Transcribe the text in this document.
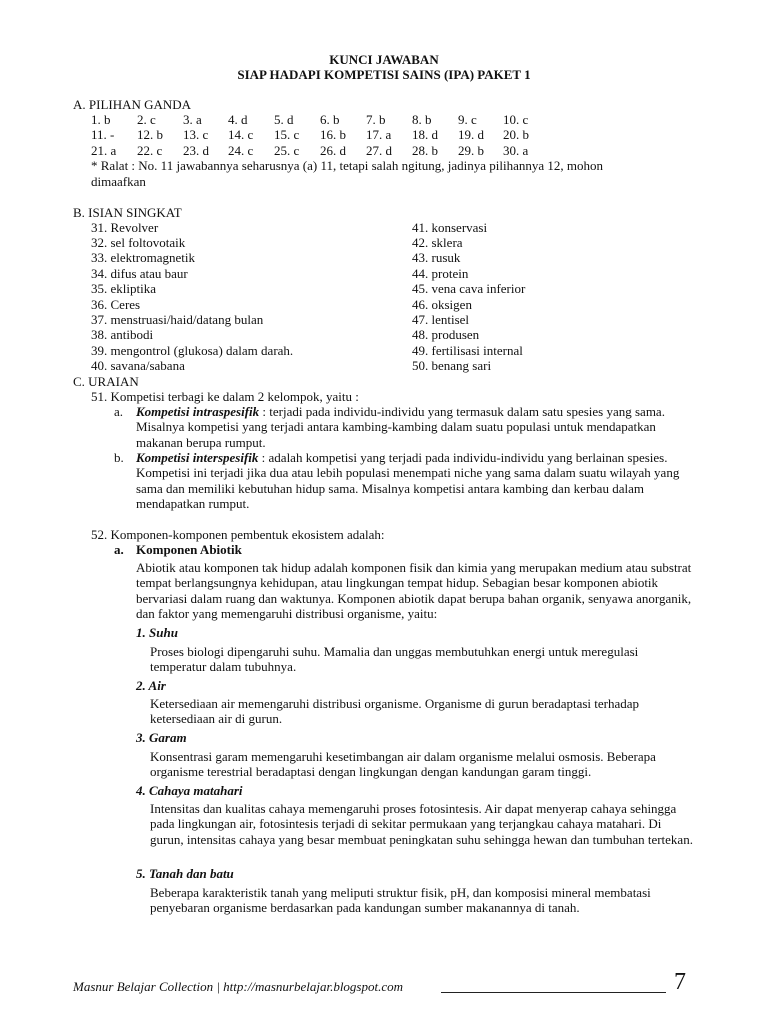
KUNCI JAWABAN
SIAP HADAPI KOMPETISI SAINS (IPA) PAKET 1
A. PILIHAN GANDA
1. b 2. c 3. a 4. d 5. d 6. b 7. b 8. b 9. c 10. c
11. - 12. b 13. c 14. c 15. c 16. b 17. a 18. d 19. d 20. b
21. a 22. c 23. d 24. c 25. c 26. d 27. d 28. b 29. b 30. a
* Ralat : No. 11 jawabannya seharusnya (a) 11, tetapi salah ngitung, jadinya pilihannya 12, mohon
dimaafkan
B. ISIAN SINGKAT
31. Revolver
32. sel foltovotaik
33. elektromagnetik
34. difus atau baur
35. ekliptika
36. Ceres
37. menstruasi/haid/datang bulan
38. antibodi
39. mengontrol (glukosa) dalam darah.
40. savana/sabana
41. konservasi
42. sklera
43. rusuk
44. protein
45. vena cava inferior
46. oksigen
47. lentisel
48. produsen
49. fertilisasi internal
50. benang sari
C. URAIAN
51. Kompetisi terbagi ke dalam 2 kelompok, yaitu :
a. Kompetisi intraspesifik : terjadi pada individu-individu yang termasuk dalam satu spesies yang sama. Misalnya kompetisi yang terjadi antara kambing-kambing dalam suatu populasi untuk mendapatkan makanan berupa rumput.
b. Kompetisi interspesifik : adalah kompetisi yang terjadi pada individu-individu yang berlainan spesies. Kompetisi ini terjadi jika dua atau lebih populasi menempati niche yang sama dalam suatu wilayah yang sama dan memiliki kebutuhan hidup sama. Misalnya kompetisi antara kambing dan kerbau dalam mendapatkan rumput.
52. Komponen-komponen pembentuk ekosistem adalah:
a. Komponen Abiotik
Abiotik atau komponen tak hidup adalah komponen fisik dan kimia yang merupakan medium atau substrat tempat berlangsungnya kehidupan, atau lingkungan tempat hidup. Sebagian besar komponen abiotik bervariasi dalam ruang dan waktunya. Komponen abiotik dapat berupa bahan organik, senyawa anorganik, dan faktor yang memengaruhi distribusi organisme, yaitu:
1. Suhu
Proses biologi dipengaruhi suhu. Mamalia dan unggas membutuhkan energi untuk meregulasi temperatur dalam tubuhnya.
2. Air
Ketersediaan air memengaruhi distribusi organisme. Organisme di gurun beradaptasi terhadap ketersediaan air di gurun.
3. Garam
Konsentrasi garam memengaruhi kesetimbangan air dalam organisme melalui osmosis. Beberapa organisme terestrial beradaptasi dengan lingkungan dengan kandungan garam tinggi.
4. Cahaya matahari
Intensitas dan kualitas cahaya memengaruhi proses fotosintesis. Air dapat menyerap cahaya sehingga pada lingkungan air, fotosintesis terjadi di sekitar permukaan yang terjangkau cahaya matahari. Di gurun, intensitas cahaya yang besar membuat peningkatan suhu sehingga hewan dan tumbuhan tertekan.
5. Tanah dan batu
Beberapa karakteristik tanah yang meliputi struktur fisik, pH, dan komposisi mineral membatasi penyebaran organisme berdasarkan pada kandungan sumber makanannya di tanah.
Masnur Belajar Collection | http://masnurbelajar.blogspot.com	7
